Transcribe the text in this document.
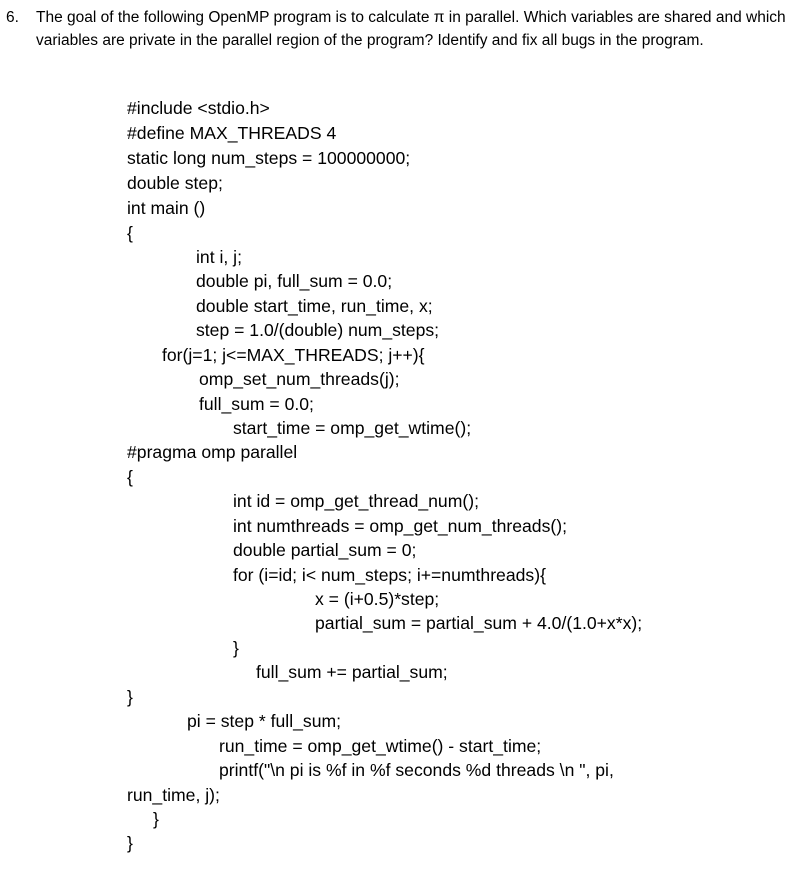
6. The goal of the following OpenMP program is to calculate π in parallel. Which variables are shared and which variables are private in the parallel region of the program? Identify and fix all bugs in the program.
#include <stdio.h>
#define MAX_THREADS 4
static long num_steps = 100000000;
double step;
int main ()
{
int i, j;
double pi, full_sum = 0.0;
double start_time, run_time, x;
step = 1.0/(double) num_steps;
for(j=1; j<=MAX_THREADS; j++){
omp_set_num_threads(j);
full_sum = 0.0;
start_time = omp_get_wtime();
#pragma omp parallel
{
int id = omp_get_thread_num();
int numthreads = omp_get_num_threads();
double partial_sum = 0;
for (i=id; i< num_steps; i+=numthreads){
x = (i+0.5)*step;
partial_sum = partial_sum + 4.0/(1.0+x*x);
}
full_sum += partial_sum;
}
pi = step * full_sum;
run_time = omp_get_wtime() - start_time;
printf("\n pi is %f in %f seconds %d threads \n ", pi,
run_time, j);
}
}
